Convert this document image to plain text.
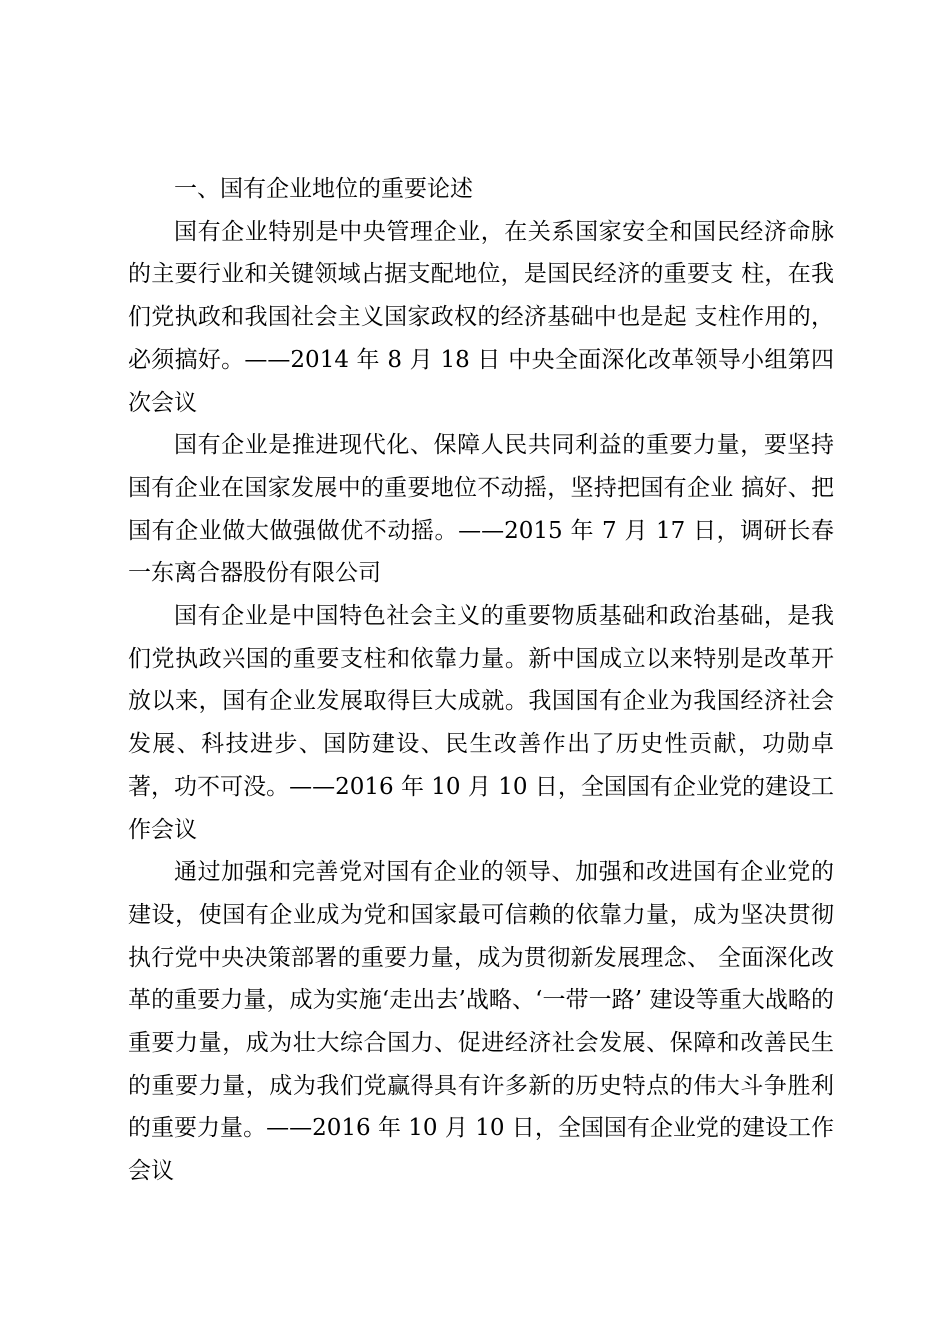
一、国有企业地位的重要论述

国有企业特别是中央管理企业，在关系国家安全和国民经济命脉的主要行业和关键领域占据支配地位，是国民经济的重要支 柱，在我们党执政和我国社会主义国家政权的经济基础中也是起 支柱作用的，必须搞好。——2014 年 8 月 18 日 中央全面深化改革领导小组第四次会议

国有企业是推进现代化、保障人民共同利益的重要力量，要坚持国有企业在国家发展中的重要地位不动摇，坚持把国有企业 搞好、把国有企业做大做强做优不动摇。——2015 年 7 月 17 日，调研长春一东离合器股份有限公司

国有企业是中国特色社会主义的重要物质基础和政治基础，是我们党执政兴国的重要支柱和依靠力量。新中国成立以来特别是改革开放以来，国有企业发展取得巨大成就。我国国有企业为我国经济社会发展、科技进步、国防建设、民生改善作出了历史性贡献，功勋卓著，功不可没。——2016 年 10 月 10 日，全国国有企业党的建设工作会议

通过加强和完善党对国有企业的领导、加强和改进国有企业党的建设，使国有企业成为党和国家最可信赖的依靠力量，成为坚决贯彻执行党中央决策部署的重要力量，成为贯彻新发展理念、 全面深化改革的重要力量，成为实施‘走出去’战略、‘一带一路’ 建设等重大战略的重要力量，成为壮大综合国力、促进经济社会发展、保障和改善民生的重要力量，成为我们党赢得具有许多新的历史特点的伟大斗争胜利的重要力量。——2016 年 10 月 10 日，全国国有企业党的建设工作会议
